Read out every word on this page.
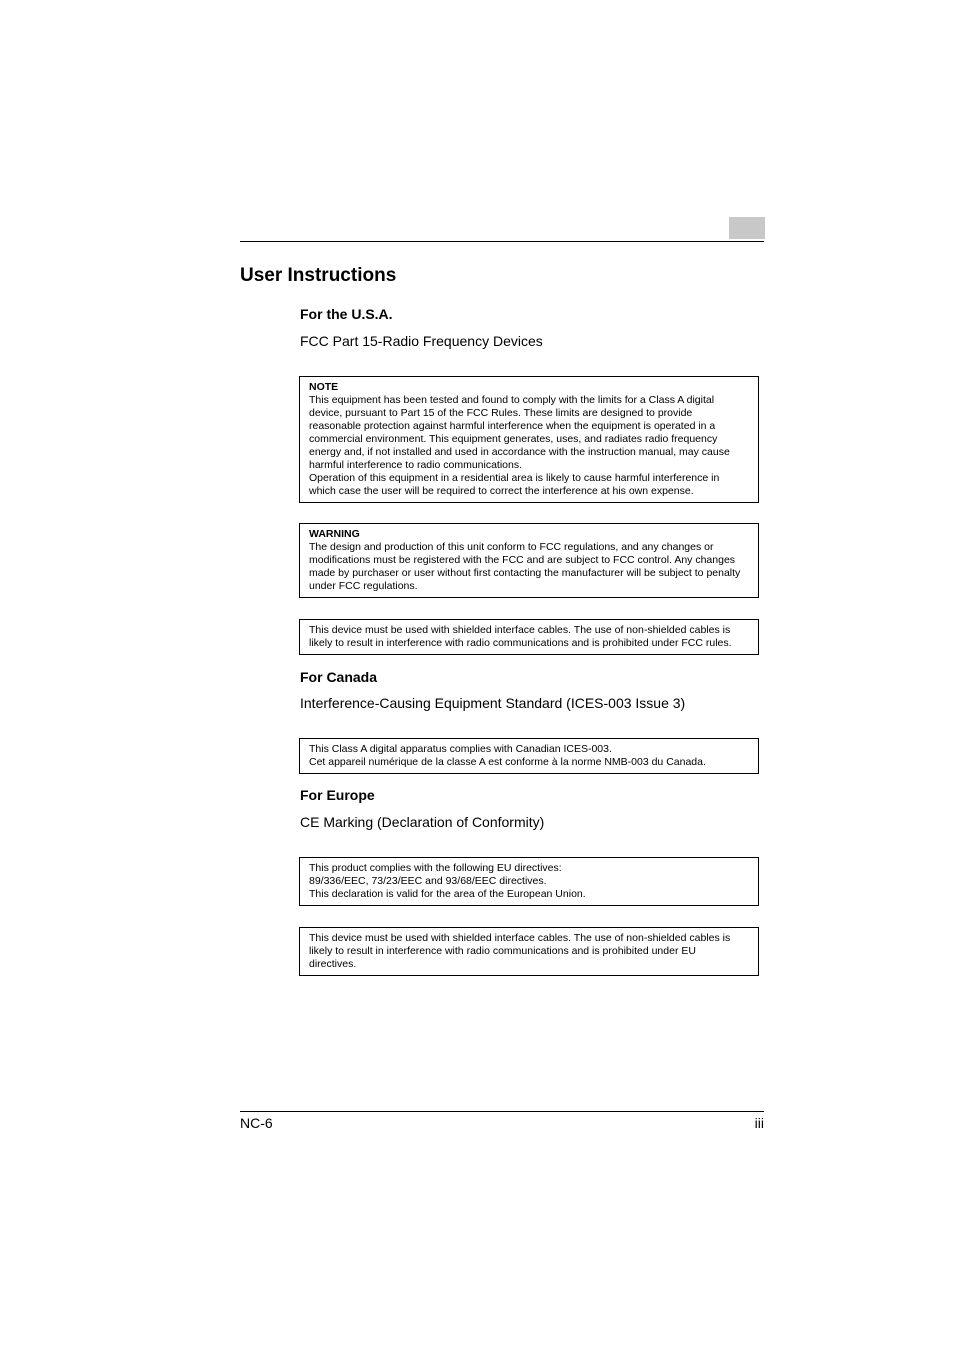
User Instructions
For the U.S.A.

FCC Part 15-Radio Frequency Devices

NOTE
This equipment has been tested and found to comply with the limits for a Class A digital
device, pursuant to Part 15 of the FCC Rules. These limits are designed to provide
reasonable protection against harmful interference when the equipment is operated in a
commercial environment. This equipment generates, uses, and radiates radio frequency
energy and, if not installed and used in accordance with the instruction manual, may cause
harmful interference to radio communications.
Operation of this equipment in a residential area is likely to cause harmful interference in
which case the user will be required to correct the interference at his own expense.
WARNING
The design and production of this unit conform to FCC regulations, and any changes or
modifications must be registered with the FCC and are subject to FCC control. Any changes
made by purchaser or user without first contacting the manufacturer will be subject to penalty
under FCC regulations.
This device must be used with shielded interface cables. The use of non-shielded cables is
likely to result in interference with radio communications and is prohibited under FCC rules.
For Canada

Interference-Causing Equipment Standard (ICES-003 Issue 3)

This Class A digital apparatus complies with Canadian ICES-003.
Cet appareil numérique de la classe A est conforme à la norme NMB-003 du Canada.
For Europe

CE Marking (Declaration of Conformity)

This product complies with the following EU directives:
89/336/EEC, 73/23/EEC and 93/68/EEC directives.
This declaration is valid for the area of the European Union.
This device must be used with shielded interface cables. The use of non-shielded cables is
likely to result in interference with radio communications and is prohibited under EU
directives.
NC-6	iii
